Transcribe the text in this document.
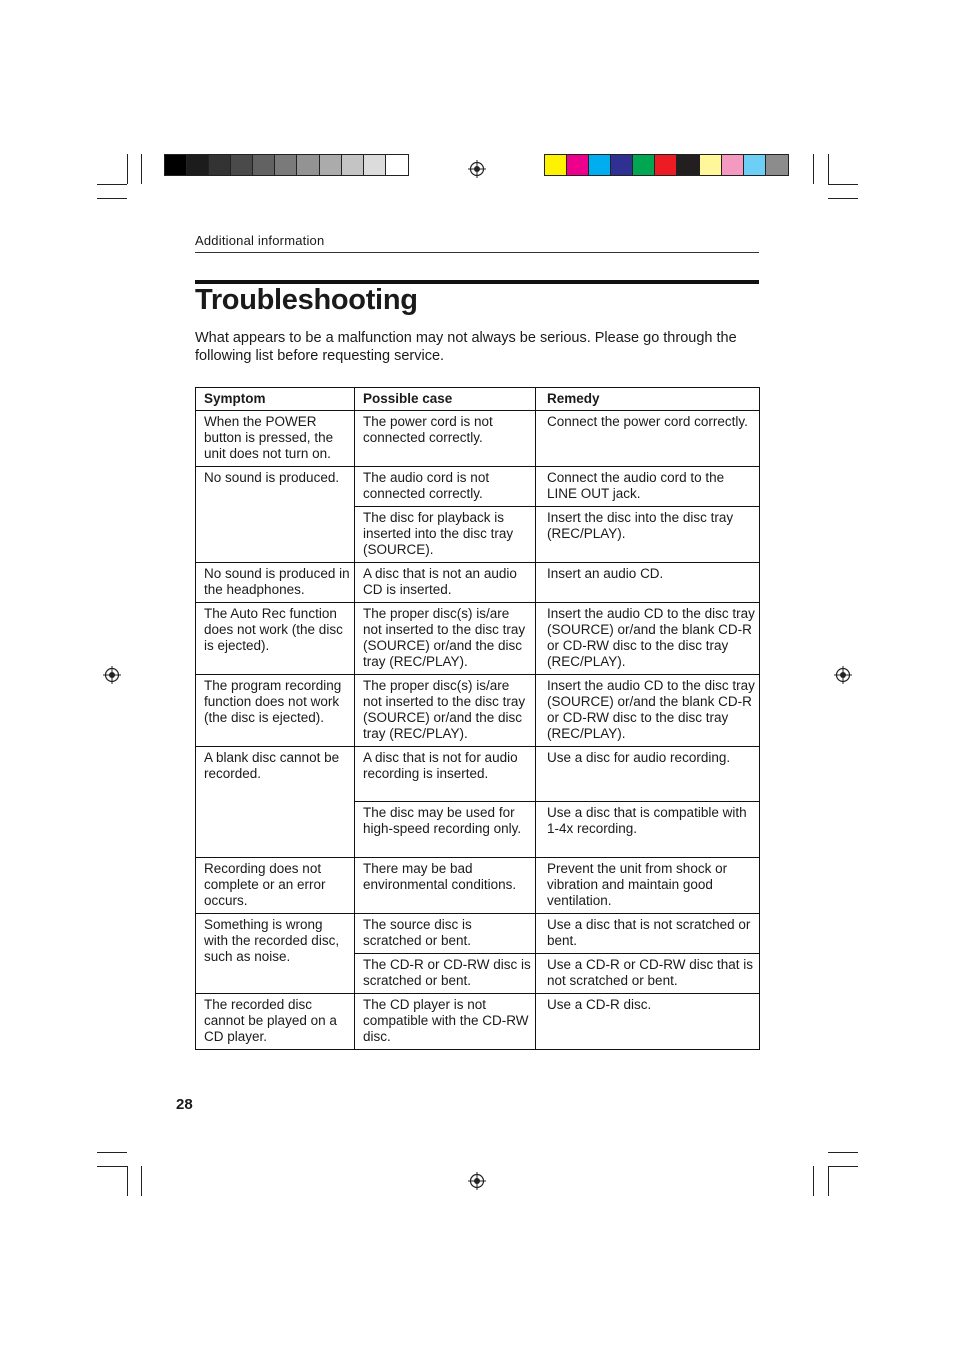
Additional information
Troubleshooting

What appears to be a malfunction may not always be serious. Please go through the following list before requesting service.

Symptom	Possible case	Remedy
When the POWER button is pressed, the unit does not turn on.	The power cord is not connected correctly.	Connect the power cord correctly.
No sound is produced.	The audio cord is not connected correctly.	Connect the audio cord to the LINE OUT jack.
	The disc for playback is inserted into the disc tray (SOURCE).	Insert the disc into the disc tray (REC/PLAY).
No sound is produced in the headphones.	A disc that is not an audio CD is inserted.	Insert an audio CD.
The Auto Rec function does not work (the disc is ejected).	The proper disc(s) is/are not inserted to the disc tray (SOURCE) or/and the disc tray (REC/PLAY).	Insert the audio CD to the disc tray (SOURCE) or/and the blank CD-R or CD-RW disc to the disc tray (REC/PLAY).
The program recording function does not work (the disc is ejected).	The proper disc(s) is/are not inserted to the disc tray (SOURCE) or/and the disc tray (REC/PLAY).	Insert the audio CD to the disc tray (SOURCE) or/and the blank CD-R or CD-RW disc to the disc tray (REC/PLAY).
A blank disc cannot be recorded.	A disc that is not for audio recording is inserted.	Use a disc for audio recording.
	The disc may be used for high-speed recording only.	Use a disc that is compatible with 1-4x recording.
Recording does not complete or an error occurs.	There may be bad environmental conditions.	Prevent the unit from shock or vibration and maintain good ventilation.
Something is wrong with the recorded disc, such as noise.	The source disc is scratched or bent.	Use a disc that is not scratched or bent.
	The CD-R or CD-RW disc is scratched or bent.	Use a CD-R or CD-RW disc that is not scratched or bent.
The recorded disc cannot be played on a CD player.	The CD player is not compatible with the CD-RW disc.	Use a CD-R disc.
28
